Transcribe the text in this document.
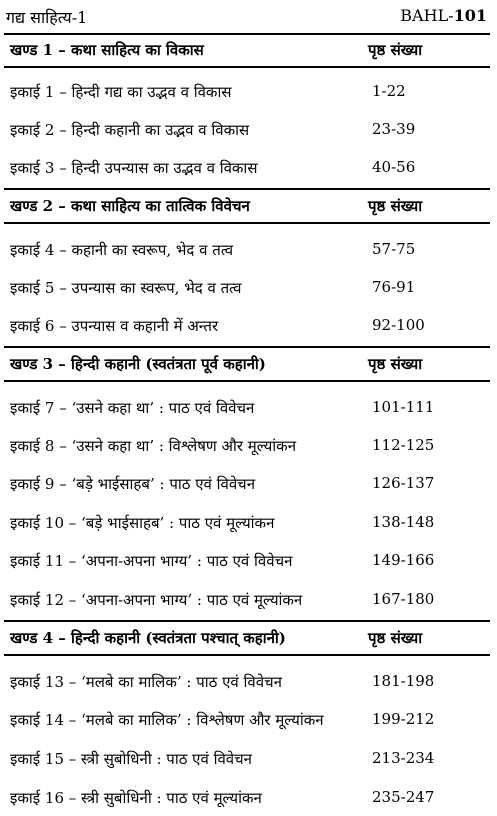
गद्य साहित्य-1	BAHL-101
खण्ड 1 – कथा साहित्य का विकास	पृष्ठ संख्या
इकाई 1 – हिन्दी गद्य का उद्भव व विकास	1-22
इकाई 2 – हिन्दी कहानी का उद्भव व विकास	23-39
इकाई 3 – हिन्दी उपन्यास का उद्भव व विकास	40-56
खण्ड 2 – कथा साहित्य का तात्विक विवेचन	पृष्ठ संख्या
इकाई 4 – कहानी का स्वरूप, भेद व तत्व	57-75
इकाई 5 – उपन्यास का स्वरूप, भेद व तत्व	76-91
इकाई 6 – उपन्यास व कहानी में अन्तर	92-100
खण्ड 3 – हिन्दी कहानी (स्वतंत्रता पूर्व कहानी)	पृष्ठ संख्या
इकाई 7 – ‘उसने कहा था’ : पाठ एवं विवेचन	101-111
इकाई 8 – ‘उसने कहा था’ : विश्लेषण और मूल्यांकन	112-125
इकाई 9 – ‘बड़े भाईसाहब’ : पाठ एवं विवेचन	126-137
इकाई 10 – ‘बड़े भाईसाहब’ : पाठ एवं मूल्यांकन	138-148
इकाई 11 – ‘अपना-अपना भाग्य’ : पाठ एवं विवेचन	149-166
इकाई 12 – ‘अपना-अपना भाग्य’ : पाठ एवं मूल्यांकन	167-180
खण्ड 4 – हिन्दी कहानी (स्वतंत्रता पश्चात् कहानी)	पृष्ठ संख्या
इकाई 13 – ‘मलबे का मालिक’ : पाठ एवं विवेचन	181-198
इकाई 14 – ‘मलबे का मालिक’ : विश्लेषण और मूल्यांकन	199-212
इकाई 15 – स्त्री सुबोधिनी : पाठ एवं विवेचन	213-234
इकाई 16 – स्त्री सुबोधिनी : पाठ एवं मूल्यांकन	235-247
